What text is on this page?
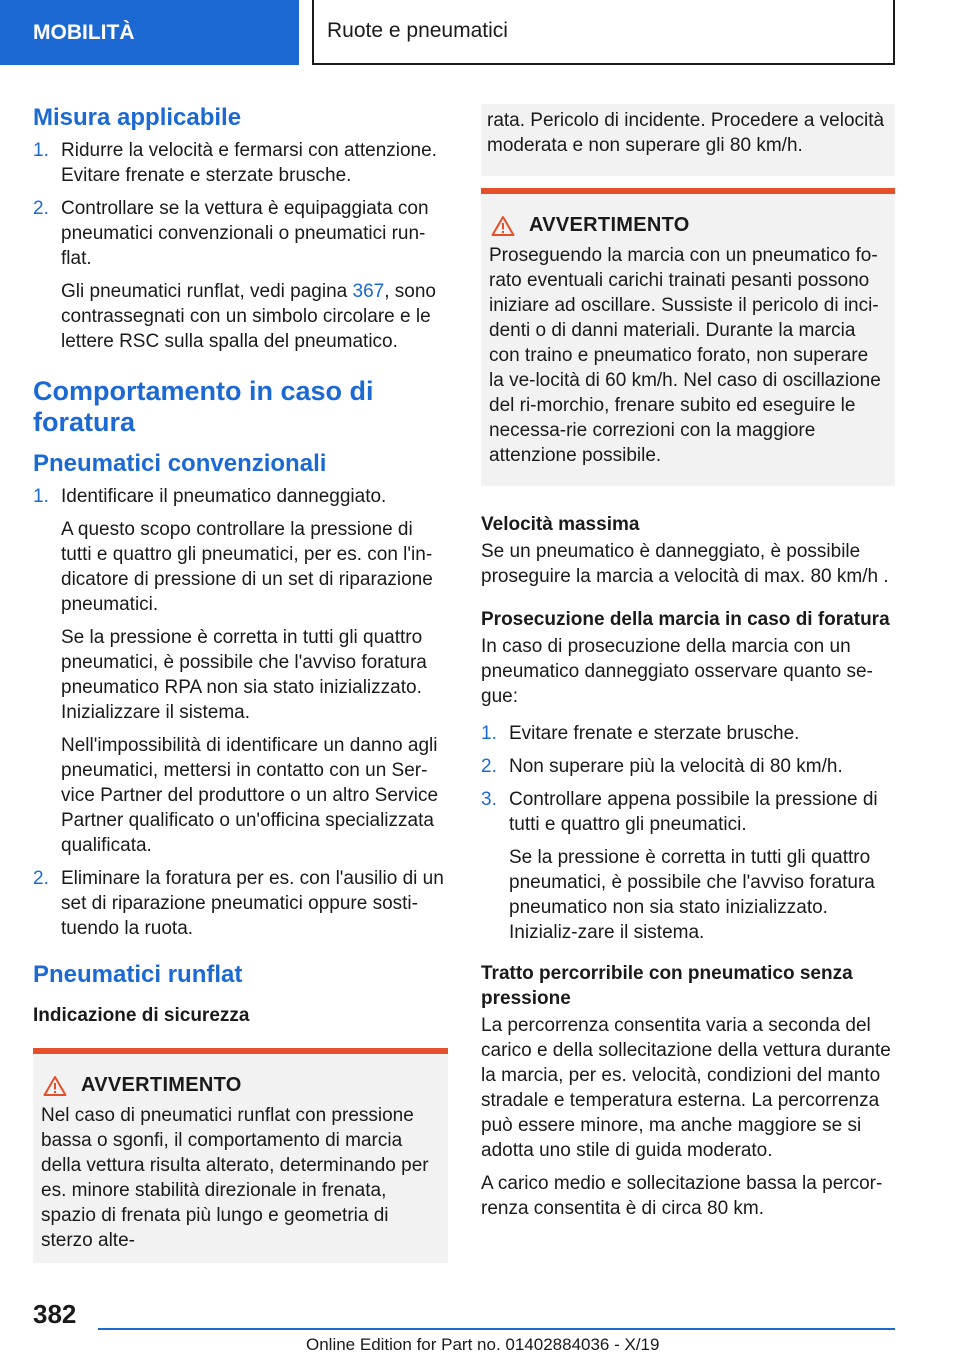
MOBILITÀ	Ruote e pneumatici
Misura applicabile
1. Ridurre la velocità e fermarsi con attenzione. Evitare frenate e sterzate brusche.
2. Controllare se la vettura è equipaggiata con pneumatici convenzionali o pneumatici run-flat.
Gli pneumatici runflat, vedi pagina 367, sono contrassegnati con un simbolo circolare e le lettere RSC sulla spalla del pneumatico.
Comportamento in caso di foratura
Pneumatici convenzionali
1. Identificare il pneumatico danneggiato.
A questo scopo controllare la pressione di tutti e quattro gli pneumatici, per es. con l'in-dicatore di pressione di un set di riparazione pneumatici.
Se la pressione è corretta in tutti gli quattro pneumatici, è possibile che l'avviso foratura pneumatico RPA non sia stato inizializzato. Inizializzare il sistema.
Nell'impossibilità di identificare un danno agli pneumatici, mettersi in contatto con un Ser-vice Partner del produttore o un altro Service Partner qualificato o un'officina specializzata qualificata.
2. Eliminare la foratura per es. con l'ausilio di un set di riparazione pneumatici oppure sosti-tuendo la ruota.
Pneumatici runflat
Indicazione di sicurezza
AVVERTIMENTO
Nel caso di pneumatici runflat con pressione bassa o sgonfi, il comportamento di marcia della vettura risulta alterato, determinando per es. minore stabilità direzionale in frenata, spazio di frenata più lungo e geometria di sterzo alte-
rata. Pericolo di incidente. Procedere a velocità moderata e non superare gli 80 km/h.
AVVERTIMENTO
Proseguendo la marcia con un pneumatico fo-rato eventuali carichi trainati pesanti possono iniziare ad oscillare. Sussiste il pericolo di inci-denti o di danni materiali. Durante la marcia con traino e pneumatico forato, non superare la ve-locità di 60 km/h. Nel caso di oscillazione del ri-morchio, frenare subito ed eseguire le necessa-rie correzioni con la maggiore attenzione possibile.
Velocità massima
Se un pneumatico è danneggiato, è possibile proseguire la marcia a velocità di max. 80 km/h .
Prosecuzione della marcia in caso di foratura
In caso di prosecuzione della marcia con un pneumatico danneggiato osservare quanto se-gue:
1. Evitare frenate e sterzate brusche.
2. Non superare più la velocità di 80 km/h.
3. Controllare appena possibile la pressione di tutti e quattro gli pneumatici.
Se la pressione è corretta in tutti gli quattro pneumatici, è possibile che l'avviso foratura pneumatico non sia stato inizializzato. Inizializ-zare il sistema.
Tratto percorribile con pneumatico senza pressione
La percorrenza consentita varia a seconda del carico e della sollecitazione della vettura durante la marcia, per es. velocità, condizioni del manto stradale e temperatura esterna. La percorrenza può essere minore, ma anche maggiore se si adotta uno stile di guida moderato.
A carico medio e sollecitazione bassa la percor-renza consentita è di circa 80 km.
382
Online Edition for Part no. 01402884036 - X/19
